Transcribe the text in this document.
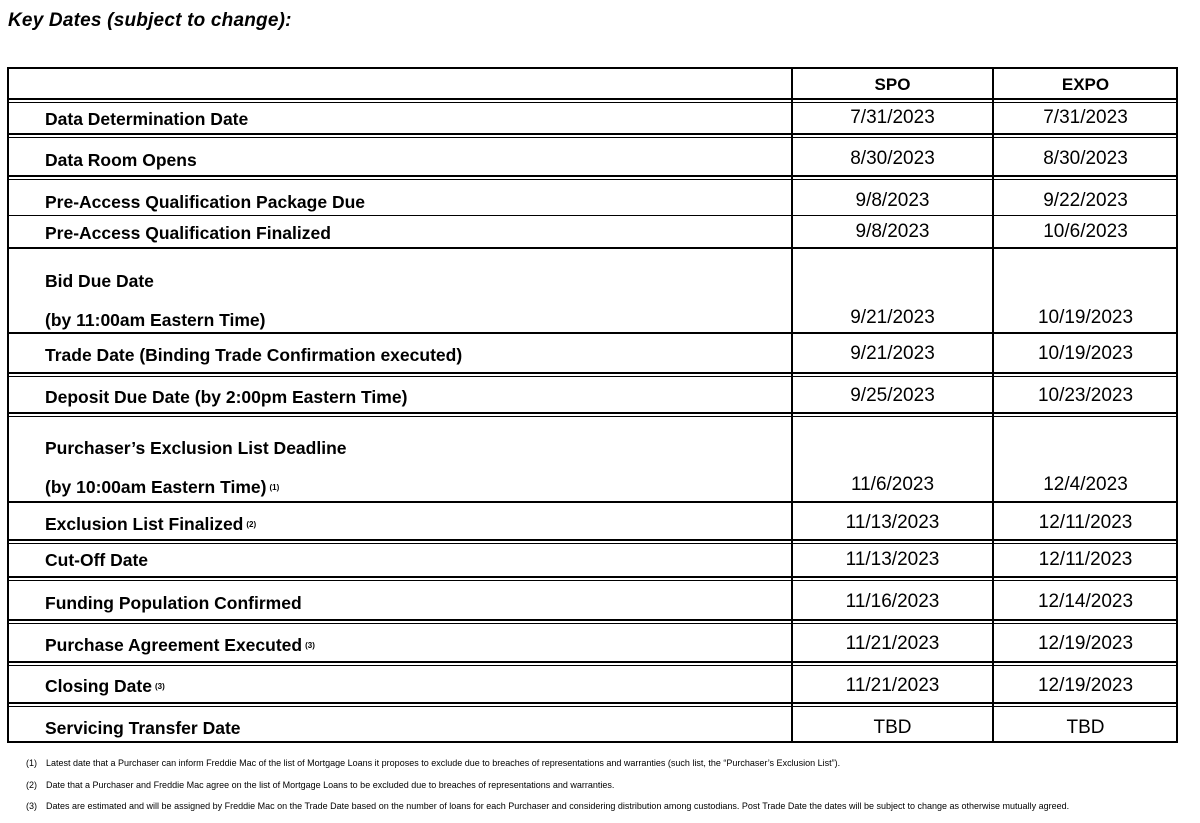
Key Dates (subject to change):
SPO	EXPO
Data Determination Date	7/31/2023	7/31/2023
Data Room Opens	8/30/2023	8/30/2023
Pre-Access Qualification Package Due	9/8/2023	9/22/2023
Pre-Access Qualification Finalized	9/8/2023	10/6/2023
Bid Due Date
(by 11:00am Eastern Time)	9/21/2023	10/19/2023
Trade Date (Binding Trade Confirmation executed)	9/21/2023	10/19/2023
Deposit Due Date (by 2:00pm Eastern Time)	9/25/2023	10/23/2023
Purchaser’s Exclusion List Deadline
(by 10:00am Eastern Time) $^{(1)}$	11/6/2023	12/4/2023
Exclusion List Finalized $^{(2)}$	11/13/2023	12/11/2023
Cut-Off Date	11/13/2023	12/11/2023
Funding Population Confirmed	11/16/2023	12/14/2023
Purchase Agreement Executed $^{(3)}$	11/21/2023	12/19/2023
Closing Date $^{(3)}$	11/21/2023	12/19/2023
Servicing Transfer Date	TBD	TBD
(1) Latest date that a Purchaser can inform Freddie Mac of the list of Mortgage Loans it proposes to exclude due to breaches of representations and warranties (such list, the “Purchaser’s Exclusion List”).
(2) Date that a Purchaser and Freddie Mac agree on the list of Mortgage Loans to be excluded due to breaches of representations and warranties.
(3) Dates are estimated and will be assigned by Freddie Mac on the Trade Date based on the number of loans for each Purchaser and considering distribution among custodians. Post Trade Date the dates will be subject to change as otherwise mutually agreed.
